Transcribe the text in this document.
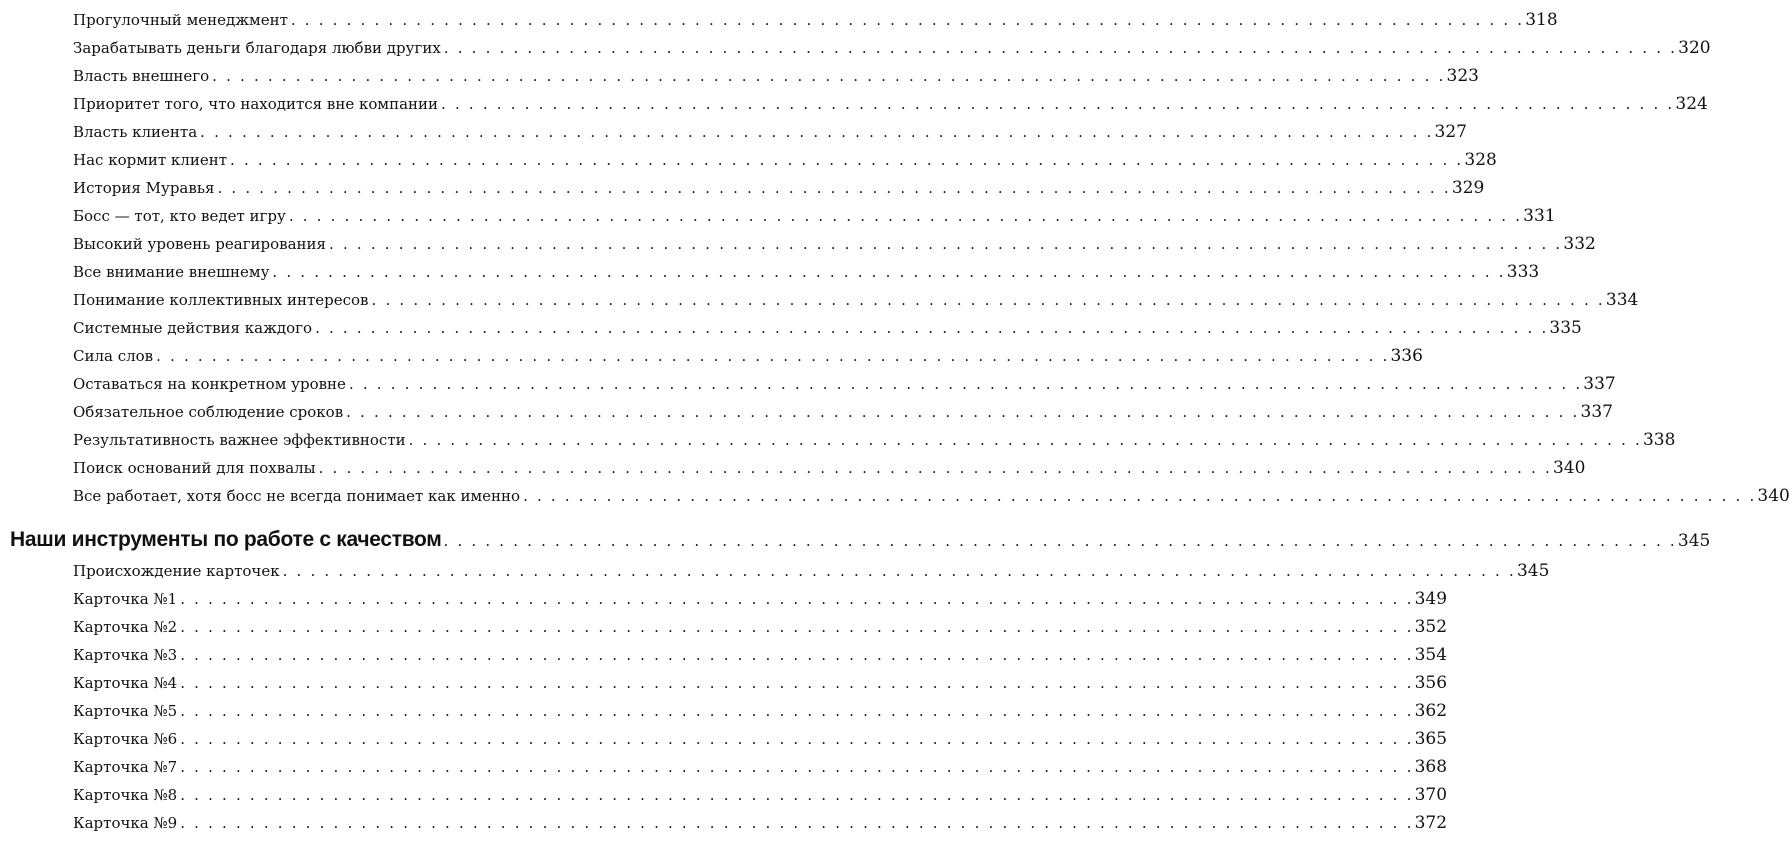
Прогулочный менеджмент . . . . . . . . . . . . . . . . . . . . . . . . . . . . . . . . . . . . . . . . . . . . . . . . . . . . . . . . . . . . . . . . . . . . . . . . . . . . . . . . . . . . . . . . . 318
Зарабатывать деньги благодаря любви других . . . . . . . . . . . . . . . . . . . . . . . . . . . . . . . . . . . . . . . . . . . . . . . . . . . . . . . . . . . . . . . . . . . . . . . . . . . . . . . . . . . . . . . . . 320
Власть внешнего . . . . . . . . . . . . . . . . . . . . . . . . . . . . . . . . . . . . . . . . . . . . . . . . . . . . . . . . . . . . . . . . . . . . . . . . . . . . . . . . . . . . . . . . . 323
Приоритет того, что находится вне компании . . . . . . . . . . . . . . . . . . . . . . . . . . . . . . . . . . . . . . . . . . . . . . . . . . . . . . . . . . . . . . . . . . . . . . . . . . . . . . . . . . . . . . . . . 324
Власть клиента . . . . . . . . . . . . . . . . . . . . . . . . . . . . . . . . . . . . . . . . . . . . . . . . . . . . . . . . . . . . . . . . . . . . . . . . . . . . . . . . . . . . . . . . . 327
Нас кормит клиент . . . . . . . . . . . . . . . . . . . . . . . . . . . . . . . . . . . . . . . . . . . . . . . . . . . . . . . . . . . . . . . . . . . . . . . . . . . . . . . . . . . . . . . . . 328
История Муравья . . . . . . . . . . . . . . . . . . . . . . . . . . . . . . . . . . . . . . . . . . . . . . . . . . . . . . . . . . . . . . . . . . . . . . . . . . . . . . . . . . . . . . . . . 329
Босс — тот, кто ведет игру . . . . . . . . . . . . . . . . . . . . . . . . . . . . . . . . . . . . . . . . . . . . . . . . . . . . . . . . . . . . . . . . . . . . . . . . . . . . . . . . . . . . . . . . . 331
Высокий уровень реагирования . . . . . . . . . . . . . . . . . . . . . . . . . . . . . . . . . . . . . . . . . . . . . . . . . . . . . . . . . . . . . . . . . . . . . . . . . . . . . . . . . . . . . . . . . 332
Все внимание внешнему . . . . . . . . . . . . . . . . . . . . . . . . . . . . . . . . . . . . . . . . . . . . . . . . . . . . . . . . . . . . . . . . . . . . . . . . . . . . . . . . . . . . . . . . . 333
Понимание коллективных интересов . . . . . . . . . . . . . . . . . . . . . . . . . . . . . . . . . . . . . . . . . . . . . . . . . . . . . . . . . . . . . . . . . . . . . . . . . . . . . . . . . . . . . . . . . 334
Системные действия каждого . . . . . . . . . . . . . . . . . . . . . . . . . . . . . . . . . . . . . . . . . . . . . . . . . . . . . . . . . . . . . . . . . . . . . . . . . . . . . . . . . . . . . . . . . 335
Сила слов . . . . . . . . . . . . . . . . . . . . . . . . . . . . . . . . . . . . . . . . . . . . . . . . . . . . . . . . . . . . . . . . . . . . . . . . . . . . . . . . . . . . . . . . . 336
Оставаться на конкретном уровне . . . . . . . . . . . . . . . . . . . . . . . . . . . . . . . . . . . . . . . . . . . . . . . . . . . . . . . . . . . . . . . . . . . . . . . . . . . . . . . . . . . . . . . . . 337
Обязательное соблюдение сроков . . . . . . . . . . . . . . . . . . . . . . . . . . . . . . . . . . . . . . . . . . . . . . . . . . . . . . . . . . . . . . . . . . . . . . . . . . . . . . . . . . . . . . . . . 337
Результативность важнее эффективности . . . . . . . . . . . . . . . . . . . . . . . . . . . . . . . . . . . . . . . . . . . . . . . . . . . . . . . . . . . . . . . . . . . . . . . . . . . . . . . . . . . . . . . . . 338
Поиск оснований для похвалы . . . . . . . . . . . . . . . . . . . . . . . . . . . . . . . . . . . . . . . . . . . . . . . . . . . . . . . . . . . . . . . . . . . . . . . . . . . . . . . . . . . . . . . . . 340
Все работает, хотя босс не всегда понимает как именно . . . . . . . . . . . . . . . . . . . . . . . . . . . . . . . . . . . . . . . . . . . . . . . . . . . . . . . . . . . . . . . . . . . . . . . . . . . . . . . . . . . . . . . . . 340
Наши инструменты по работе с качеством . . . . . . . . . . . . . . . . . . . . . . . . . . . . . . . . . . . . . . . . . . . . . . . . . . . . . . . . . . . . . . . . . . . . . . . . . . . . . . . . . . . . . . . . . 345
Происхождение карточек . . . . . . . . . . . . . . . . . . . . . . . . . . . . . . . . . . . . . . . . . . . . . . . . . . . . . . . . . . . . . . . . . . . . . . . . . . . . . . . . . . . . . . . . . 345
Карточка №1 . . . . . . . . . . . . . . . . . . . . . . . . . . . . . . . . . . . . . . . . . . . . . . . . . . . . . . . . . . . . . . . . . . . . . . . . . . . . . . . . . . . . . . . . . 349
Карточка №2 . . . . . . . . . . . . . . . . . . . . . . . . . . . . . . . . . . . . . . . . . . . . . . . . . . . . . . . . . . . . . . . . . . . . . . . . . . . . . . . . . . . . . . . . . 352
Карточка №3 . . . . . . . . . . . . . . . . . . . . . . . . . . . . . . . . . . . . . . . . . . . . . . . . . . . . . . . . . . . . . . . . . . . . . . . . . . . . . . . . . . . . . . . . . 354
Карточка №4 . . . . . . . . . . . . . . . . . . . . . . . . . . . . . . . . . . . . . . . . . . . . . . . . . . . . . . . . . . . . . . . . . . . . . . . . . . . . . . . . . . . . . . . . . 356
Карточка №5 . . . . . . . . . . . . . . . . . . . . . . . . . . . . . . . . . . . . . . . . . . . . . . . . . . . . . . . . . . . . . . . . . . . . . . . . . . . . . . . . . . . . . . . . . 362
Карточка №6 . . . . . . . . . . . . . . . . . . . . . . . . . . . . . . . . . . . . . . . . . . . . . . . . . . . . . . . . . . . . . . . . . . . . . . . . . . . . . . . . . . . . . . . . . 365
Карточка №7 . . . . . . . . . . . . . . . . . . . . . . . . . . . . . . . . . . . . . . . . . . . . . . . . . . . . . . . . . . . . . . . . . . . . . . . . . . . . . . . . . . . . . . . . . 368
Карточка №8 . . . . . . . . . . . . . . . . . . . . . . . . . . . . . . . . . . . . . . . . . . . . . . . . . . . . . . . . . . . . . . . . . . . . . . . . . . . . . . . . . . . . . . . . . 370
Карточка №9 . . . . . . . . . . . . . . . . . . . . . . . . . . . . . . . . . . . . . . . . . . . . . . . . . . . . . . . . . . . . . . . . . . . . . . . . . . . . . . . . . . . . . . . . . 372
